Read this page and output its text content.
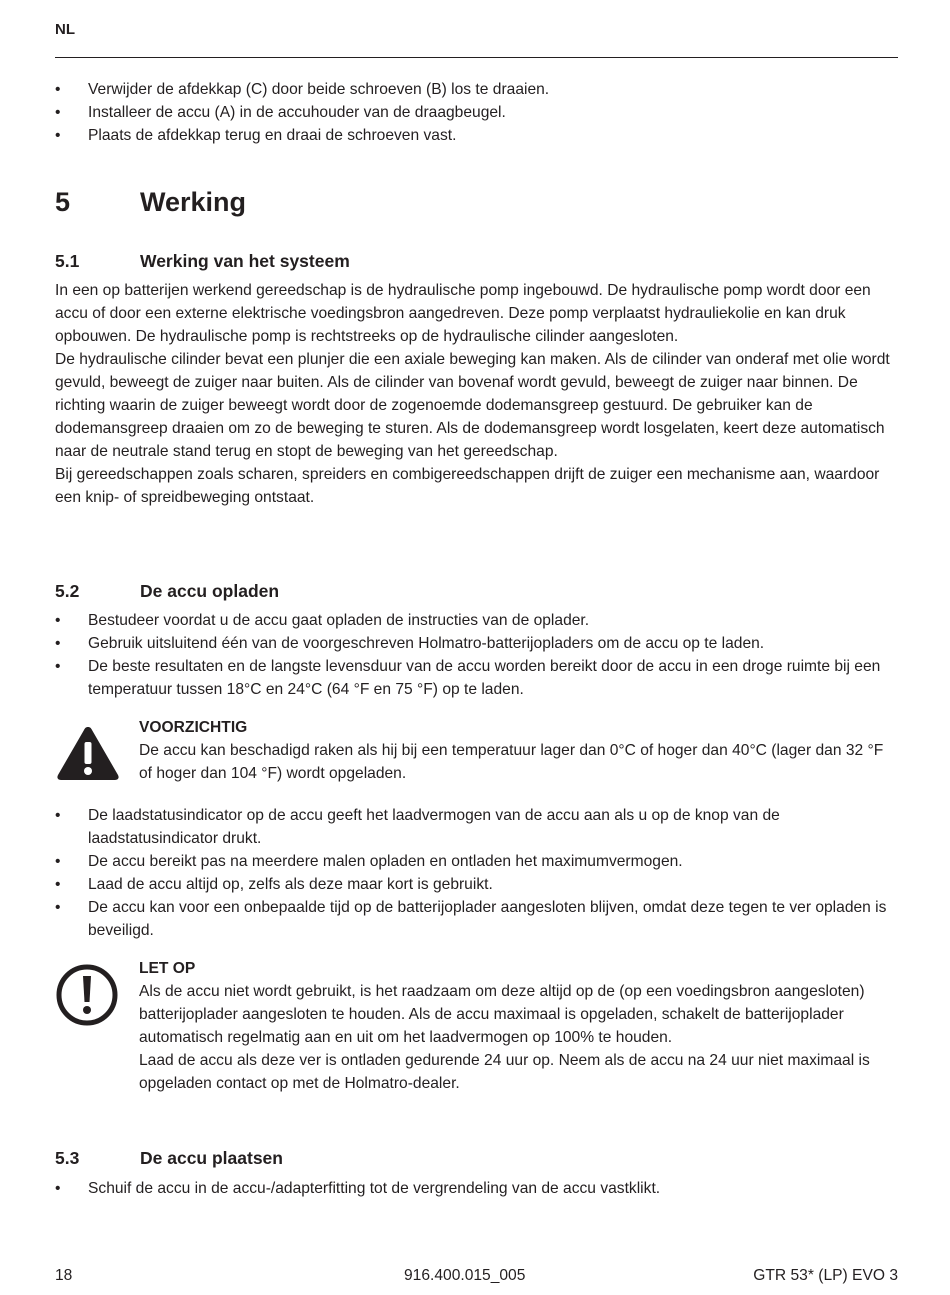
NL
• Verwijder de afdekkap (C) door beide schroeven (B) los te draaien.
• Installeer de accu (A) in de accuhouder van de draagbeugel.
• Plaats de afdekkap terug en draai de schroeven vast.
5	Werking
5.1	Werking van het systeem

In een op batterijen werkend gereedschap is de hydraulische pomp ingebouwd. De hydraulische pomp wordt door een accu of door een externe elektrische voedingsbron aangedreven. Deze pomp verplaatst hydrauliekolie en kan druk opbouwen. De hydraulische pomp is rechtstreeks op de hydraulische cilinder aangesloten.

De hydraulische cilinder bevat een plunjer die een axiale beweging kan maken. Als de cilinder van onderaf met olie wordt gevuld, beweegt de zuiger naar buiten. Als de cilinder van bovenaf wordt gevuld, beweegt de zuiger naar binnen. De richting waarin de zuiger beweegt wordt door de zogenoemde dodemansgreep gestuurd. De gebruiker kan de dodemansgreep draaien om zo de beweging te sturen. Als de dodemansgreep wordt losgelaten, keert deze automatisch naar de neutrale stand terug en stopt de beweging van het gereedschap.

Bij gereedschappen zoals scharen, spreiders en combigereedschappen drijft de zuiger een mechanisme aan, waardoor een knip- of spreidbeweging ontstaat.

5.2	De accu opladen
• Bestudeer voordat u de accu gaat opladen de instructies van de oplader.
• Gebruik uitsluitend één van de voorgeschreven Holmatro-batterijopladers om de accu op te laden.
• De beste resultaten en de langste levensduur van de accu worden bereikt door de accu in een droge ruimte bij een temperatuur tussen 18°C en 24°C (64 °F en 75 °F) op te laden.
VOORZICHTIG
De accu kan beschadigd raken als hij bij een temperatuur lager dan 0°C of hoger dan 40°C (lager dan 32 °F of hoger dan 104 °F) wordt opgeladen.
• De laadstatusindicator op de accu geeft het laadvermogen van de accu aan als u op de knop van de laadstatusindicator drukt.
• De accu bereikt pas na meerdere malen opladen en ontladen het maximumvermogen.
• Laad de accu altijd op, zelfs als deze maar kort is gebruikt.
• De accu kan voor een onbepaalde tijd op de batterijoplader aangesloten blijven, omdat deze tegen te ver opladen is beveiligd.
LET OP
Als de accu niet wordt gebruikt, is het raadzaam om deze altijd op de (op een voedingsbron aangesloten) batterijoplader aangesloten te houden. Als de accu maximaal is opgeladen, schakelt de batterijoplader automatisch regelmatig aan en uit om het laadvermogen op 100% te houden.
Laad de accu als deze ver is ontladen gedurende 24 uur op. Neem als de accu na 24 uur niet maximaal is opgeladen contact op met de Holmatro-dealer.
5.3	De accu plaatsen
• Schuif de accu in de accu-/adapterfitting tot de vergrendeling van de accu vastklikt.
18	916.400.015_005	GTR 53* (LP) EVO 3
